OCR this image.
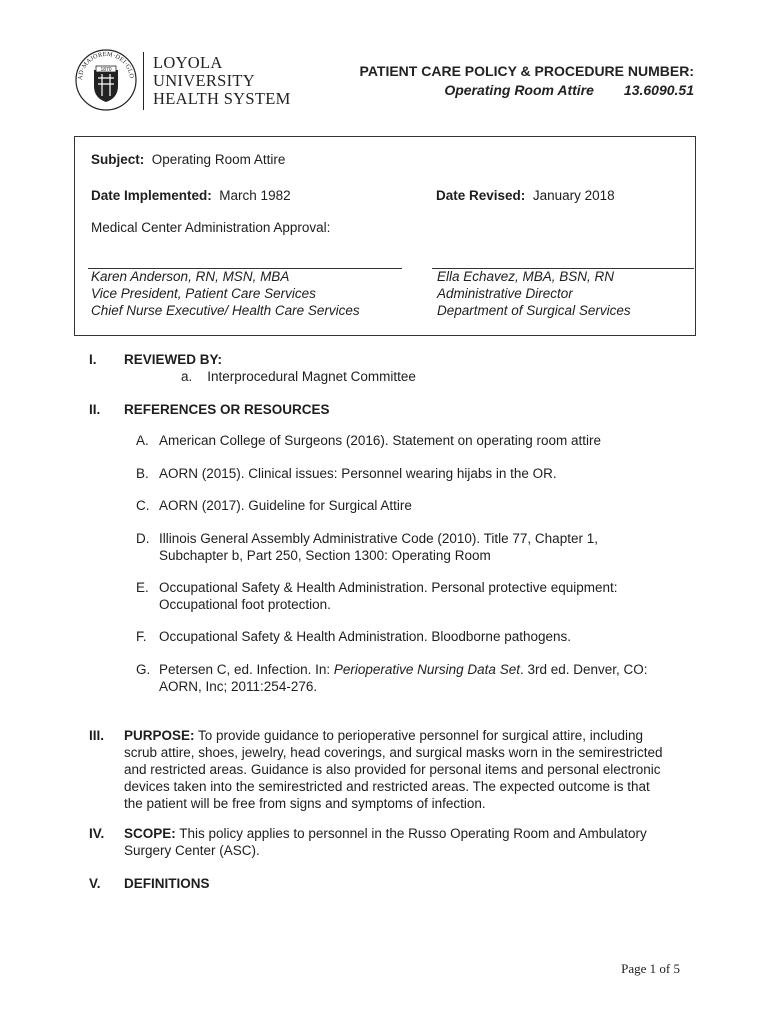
AD·MAJOREM·DEI·GLO
1870	LOYOLA
UNIVERSITY
HEALTH SYSTEM
PATIENT CARE POLICY & PROCEDURE NUMBER:
Operating Room Attire 13.6090.51
Subject: Operating Room Attire
Date Implemented: March 1982	Date Revised: January 2018
Medical Center Administration Approval:
Karen Anderson, RN, MSN, MBA
Vice President, Patient Care Services
Chief Nurse Executive/ Health Care Services
Ella Echavez, MBA, BSN, RN
Administrative Director
Department of Surgical Services
I. REVIEWED BY:
a. Interprocedural Magnet Committee
II. REFERENCES OR RESOURCES
A. American College of Surgeons (2016). Statement on operating room attire
B. AORN (2015). Clinical issues: Personnel wearing hijabs in the OR.
C. AORN (2017). Guideline for Surgical Attire
D. Illinois General Assembly Administrative Code (2010). Title 77, Chapter 1,
Subchapter b, Part 250, Section 1300: Operating Room
E. Occupational Safety & Health Administration. Personal protective equipment:
Occupational foot protection.
F. Occupational Safety & Health Administration. Bloodborne pathogens.
G. Petersen C, ed. Infection. In: Perioperative Nursing Data Set. 3rd ed. Denver, CO:
AORN, Inc; 2011:254-276.
III. PURPOSE: To provide guidance to perioperative personnel for surgical attire, including
scrub attire, shoes, jewelry, head coverings, and surgical masks worn in the semirestricted
and restricted areas. Guidance is also provided for personal items and personal electronic
devices taken into the semirestricted and restricted areas. The expected outcome is that
the patient will be free from signs and symptoms of infection.
IV. SCOPE: This policy applies to personnel in the Russo Operating Room and Ambulatory
Surgery Center (ASC).
V. DEFINITIONS
Page 1 of 5
